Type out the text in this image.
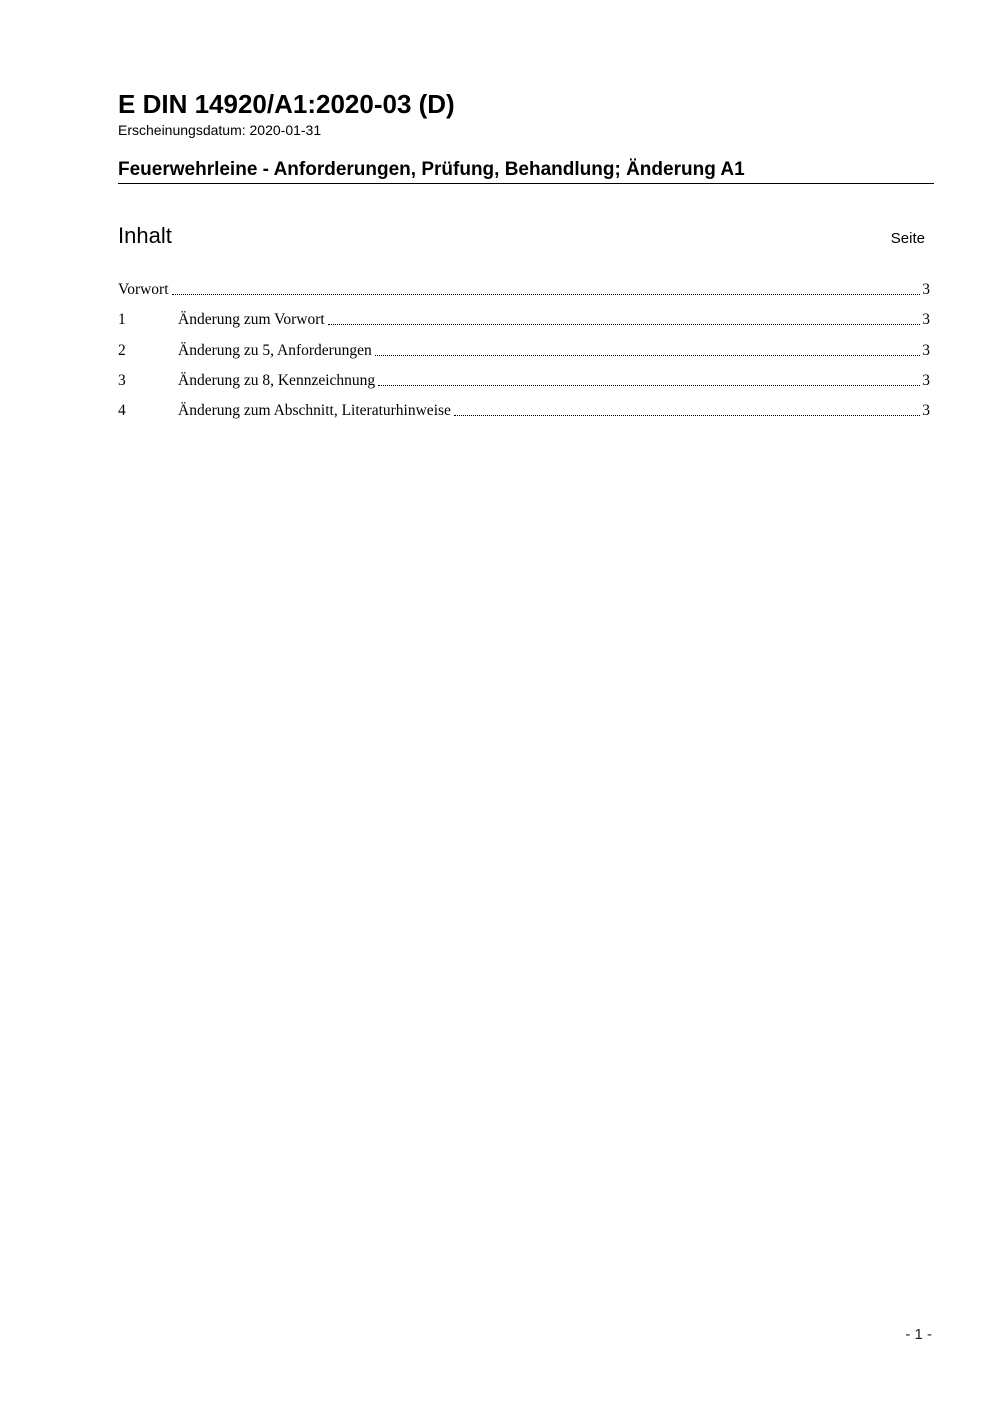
E DIN 14920/A1:2020-03 (D)
Erscheinungsdatum: 2020-01-31
Feuerwehrleine - Anforderungen, Prüfung, Behandlung; Änderung A1
Inhalt	Seite
Vorwort	3
1	Änderung zum Vorwort	3
2	Änderung zu 5, Anforderungen	3
3	Änderung zu 8, Kennzeichnung	3
4	Änderung zum Abschnitt, Literaturhinweise	3
- 1 -
